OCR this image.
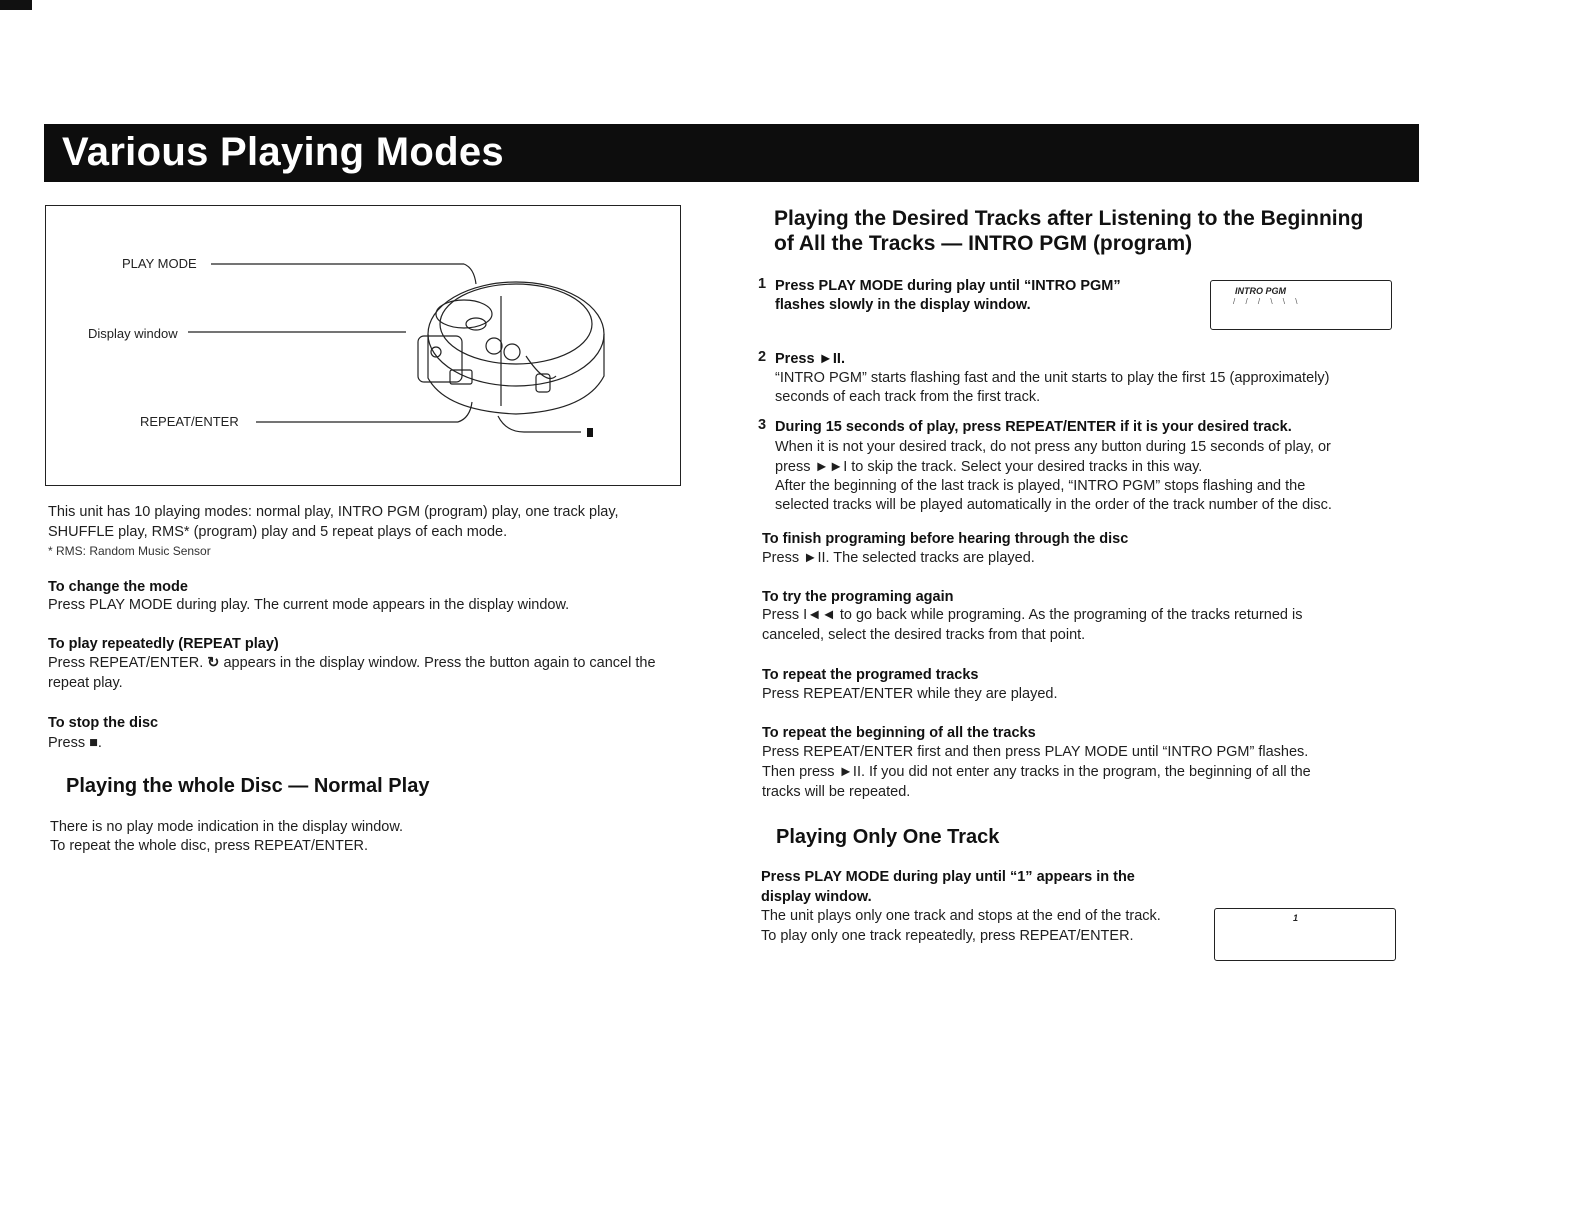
Various Playing Modes
PLAY MODE
Display window
REPEAT/ENTER
This unit has 10 playing modes: normal play, INTRO PGM (program) play, one track play, SHUFFLE play, RMS* (program) play and 5 repeat plays of each mode.
* RMS: Random Music Sensor
To change the mode
Press PLAY MODE during play. The current mode appears in the display window.
To play repeatedly (REPEAT play)
Press REPEAT/ENTER. ↻ appears in the display window. Press the button again to cancel the repeat play.
To stop the disc
Press ■.
Playing the whole Disc — Normal Play
There is no play mode indication in the display window.
To repeat the whole disc, press REPEAT/ENTER.
Playing the Desired Tracks after Listening to the Beginning
of All the Tracks — INTRO PGM (program)
1 Press PLAY MODE during play until “INTRO PGM”
flashes slowly in the display window.
INTRO PGM
/ / / \ \ \
2 Press ►II.
“INTRO PGM” starts flashing fast and the unit starts to play the first 15 (approximately)
seconds of each track from the first track.
3 During 15 seconds of play, press REPEAT/ENTER if it is your desired track.
When it is not your desired track, do not press any button during 15 seconds of play, or
press ►►I to skip the track. Select your desired tracks in this way.
After the beginning of the last track is played, “INTRO PGM” stops flashing and the
selected tracks will be played automatically in the order of the track number of the disc.
To finish programing before hearing through the disc
Press ►II. The selected tracks are played.
To try the programing again
Press I◄◄ to go back while programing. As the programing of the tracks returned is
canceled, select the desired tracks from that point.
To repeat the programed tracks
Press REPEAT/ENTER while they are played.
To repeat the beginning of all the tracks
Press REPEAT/ENTER first and then press PLAY MODE until “INTRO PGM” flashes.
Then press ►II. If you did not enter any tracks in the program, the beginning of all the
tracks will be repeated.
Playing Only One Track
Press PLAY MODE during play until “1” appears in the
display window.
The unit plays only one track and stops at the end of the track.
To play only one track repeatedly, press REPEAT/ENTER.
1
